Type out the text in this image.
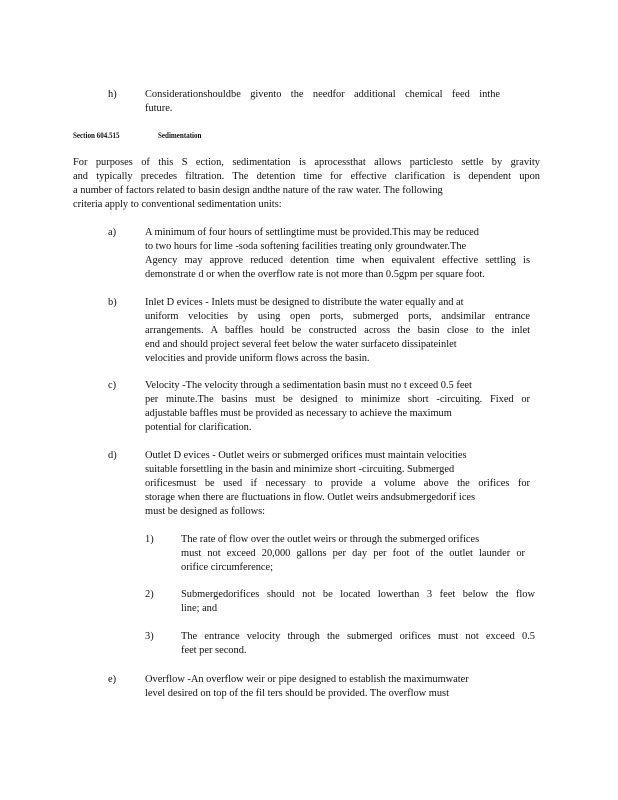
h)	Considerationshouldbe givento the needfor additional chemical feed inthe
future.
Section 604.515	Sedimentation
For purposes of this S ection, sedimentation is aprocessthat allows particlesto settle by gravity
and typically precedes filtration. The detention time for effective clarification is dependent upon
a number of factors related to basin design andthe nature of the raw water. The following
criteria apply to conventional sedimentation units:
a)	A minimum of four hours of settlingtime must be provided.This may be reduced
to two hours for lime -soda softening facilities treating only groundwater.The
Agency may approve reduced detention time when equivalent effective settling is
demonstrate d or when the overflow rate is not more than 0.5gpm per square foot.
b)	Inlet D evices - Inlets must be designed to distribute the water equally and at
uniform velocities by using open ports, submerged ports, andsimilar entrance
arrangements. A baffles hould be constructed across the basin close to the inlet
end and should project several feet below the water surfaceto dissipateinlet
velocities and provide uniform flows across the basin.
c)	Velocity -The velocity through a sedimentation basin must no t exceed 0.5 feet
per minute.The basins must be designed to minimize short -circuiting. Fixed or
adjustable baffles must be provided as necessary to achieve the maximum
potential for clarification.
d)	Outlet D evices - Outlet weirs or submerged orifices must maintain velocities
suitable forsettling in the basin and minimize short -circuiting. Submerged
orificesmust be used if necessary to provide a volume above the orifices for
storage when there are fluctuations in flow. Outlet weirs andsubmergedorif ices
must be designed as follows:
1)	The rate of flow over the outlet weirs or through the submerged orifices
must not exceed 20,000 gallons per day per foot of the outlet launder or
orifice circumference;
2)	Submergedorifices should not be located lowerthan 3 feet below the flow
line; and
3)	The entrance velocity through the submerged orifices must not exceed 0.5
feet per second.
e)	Overflow -An overflow weir or pipe designed to establish the maximumwater
level desired on top of the fil ters should be provided. The overflow must
